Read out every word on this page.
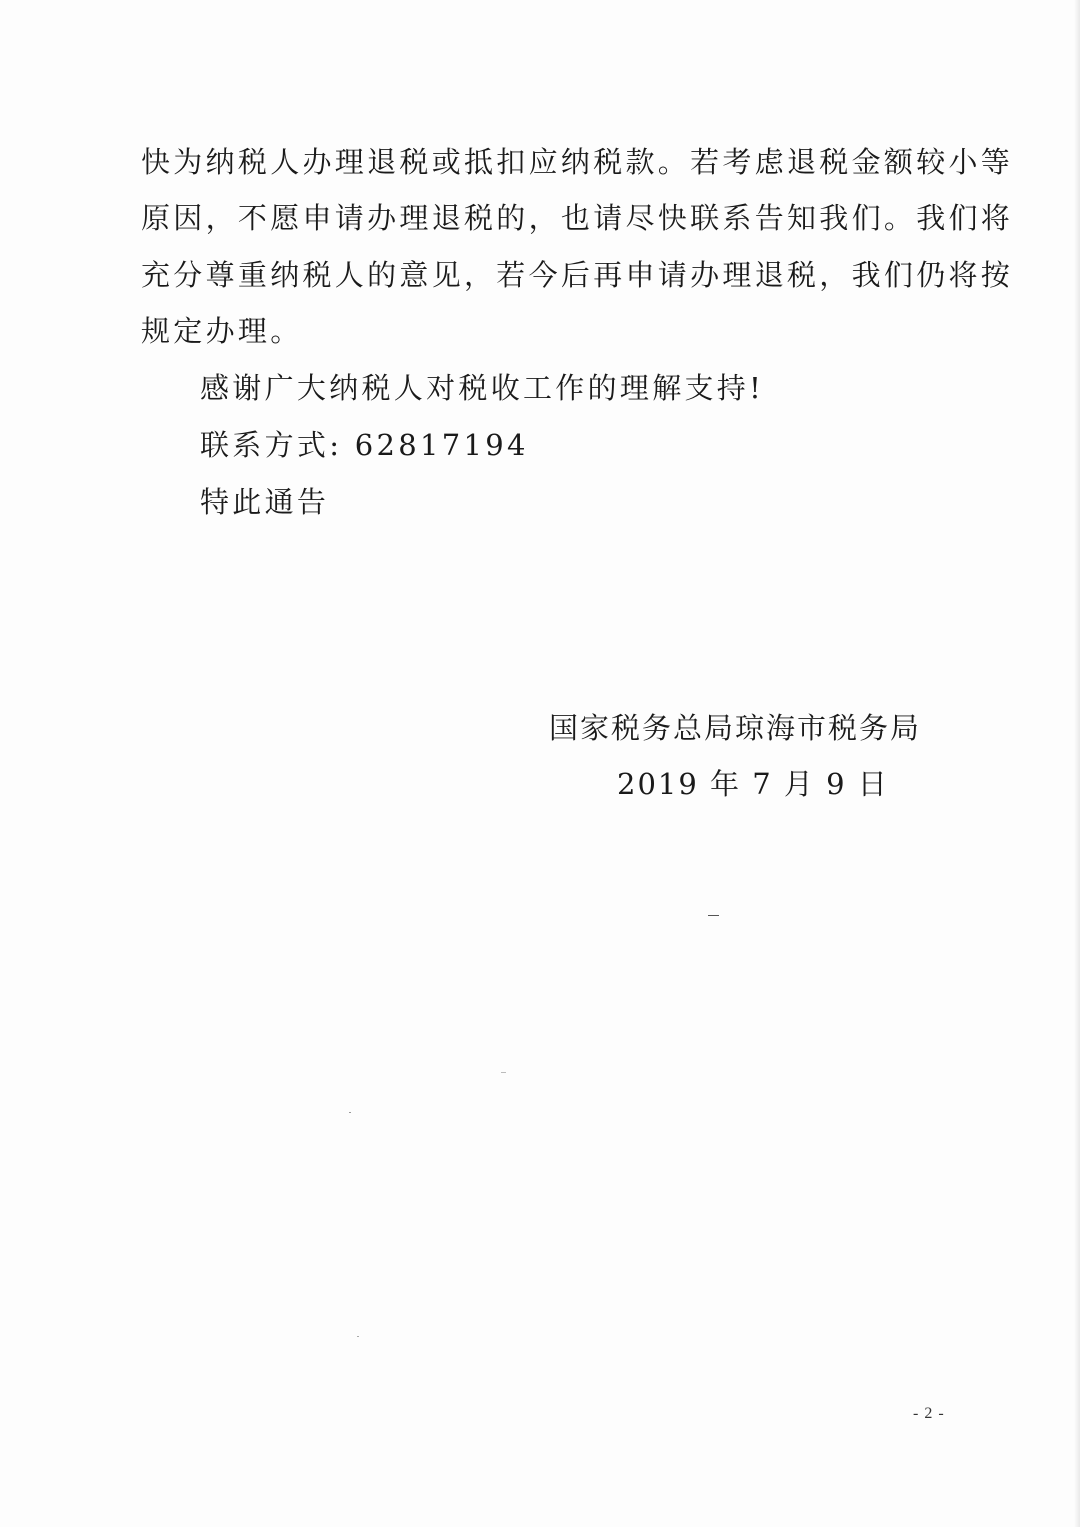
快为纳税人办理退税或抵扣应纳税款。若考虑退税金额较小等
原因，不愿申请办理退税的，也请尽快联系告知我们。我们将
充分尊重纳税人的意见，若今后再申请办理退税，我们仍将按
规定办理。
感谢广大纳税人对税收工作的理解支持!
联系方式: 62817194
特此通告
国家税务总局琼海市税务局
2019 年 7 月 9 日
- 2 -
